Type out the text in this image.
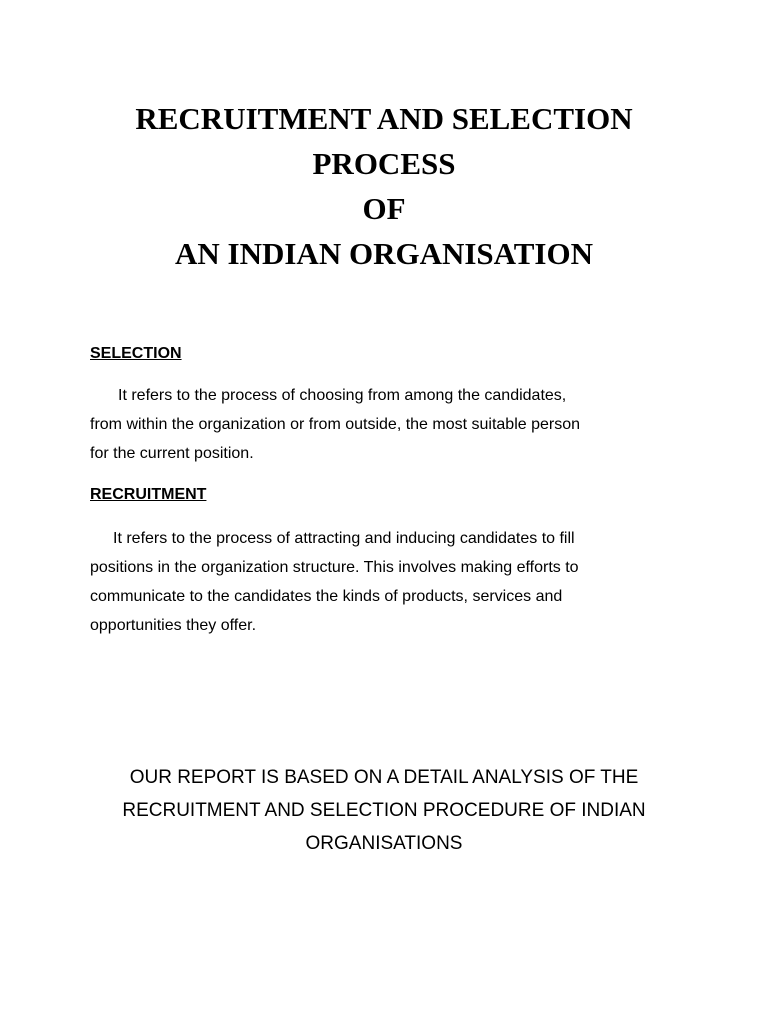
RECRUITMENT AND SELECTION
PROCESS
OF
AN INDIAN ORGANISATION
SELECTION
It refers to the process of choosing from among the candidates,
from within the organization or from outside, the most suitable person
for the current position.
RECRUITMENT
It refers to the process of attracting and inducing candidates to fill
positions in the organization structure. This involves making efforts to
communicate to the candidates the kinds of products, services and
opportunities they offer.
OUR REPORT IS BASED ON A DETAIL ANALYSIS OF THE
RECRUITMENT AND SELECTION PROCEDURE OF INDIAN
ORGANISATIONS
